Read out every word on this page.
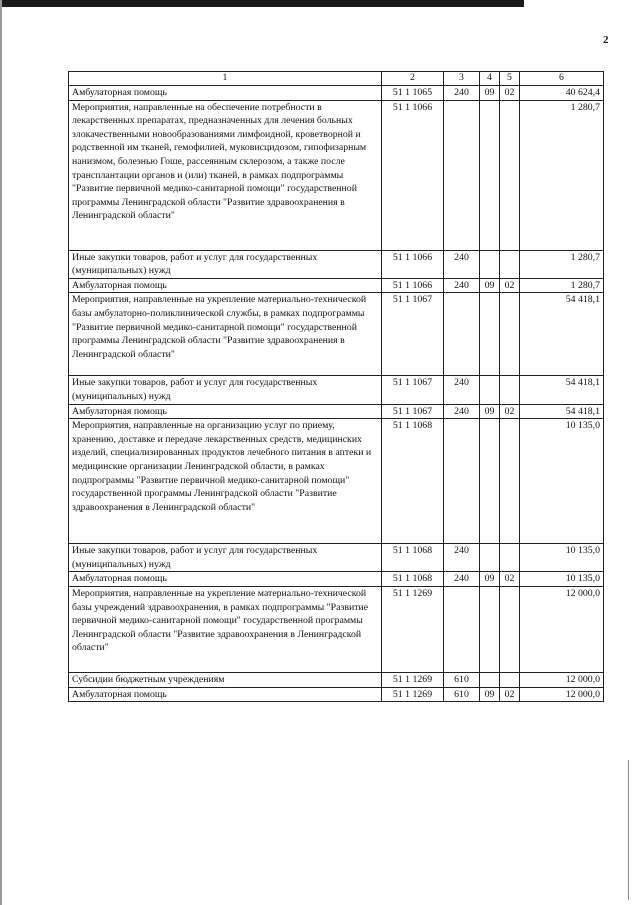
2
1	2	3	4	5	6
Амбулаторная помощь	51 1 1065	240	09	02	40 624,4
Мероприятия, направленные на обеспечение потребности в лекарственных препаратах, предназначенных для лечения больных злокачественными новообразованиями лимфоидной, кроветворной и родственной им тканей, гемофилией, муковисцидозом, гипофизарным нанизмом, болезнью Гоше, рассеянным склерозом, а также после трансплантации органов и (или) тканей, в рамках подпрограммы "Развитие первичной медико-санитарной помощи" государственной программы Ленинградской области "Развитие здравоохранения в Ленинградской области"	51 1 1066				1 280,7
Иные закупки товаров, работ и услуг для государственных (муниципальных) нужд	51 1 1066	240			1 280,7
Амбулаторная помощь	51 1 1066	240	09	02	1 280,7
Мероприятия, направленные на укрепление материально-технической базы амбулаторно-поликлинической службы, в рамках подпрограммы "Развитие первичной медико-санитарной помощи" государственной программы Ленинградской области "Развитие здравоохранения в Ленинградской области"	51 1 1067				54 418,1
Иные закупки товаров, работ и услуг для государственных (муниципальных) нужд	51 1 1067	240			54 418,1
Амбулаторная помощь	51 1 1067	240	09	02	54 418,1
Мероприятия, направленные на организацию услуг по приему, хранению, доставке и передаче лекарственных средств, медицинских изделий, специализированных продуктов лечебного питания в аптеки и медицинские организации Ленинградской области, в рамках подпрограммы "Развитие первичной медико-санитарной помощи" государственной программы Ленинградской области "Развитие здравоохранения в Ленинградской области"	51 1 1068				10 135,0
Иные закупки товаров, работ и услуг для государственных (муниципальных) нужд	51 1 1068	240			10 135,0
Амбулаторная помощь	51 1 1068	240	09	02	10 135,0
Мероприятия, направленные на укрепление материально-технической базы учреждений здравоохранения, в рамках подпрограммы "Развитие первичной медико-санитарной помощи" государственной программы Ленинградской области "Развитие здравоохранения в Ленинградской области"	51 1 1269				12 000,0
Субсидии бюджетным учреждениям	51 1 1269	610			12 000,0
Амбулаторная помощь	51 1 1269	610	09	02	12 000,0
